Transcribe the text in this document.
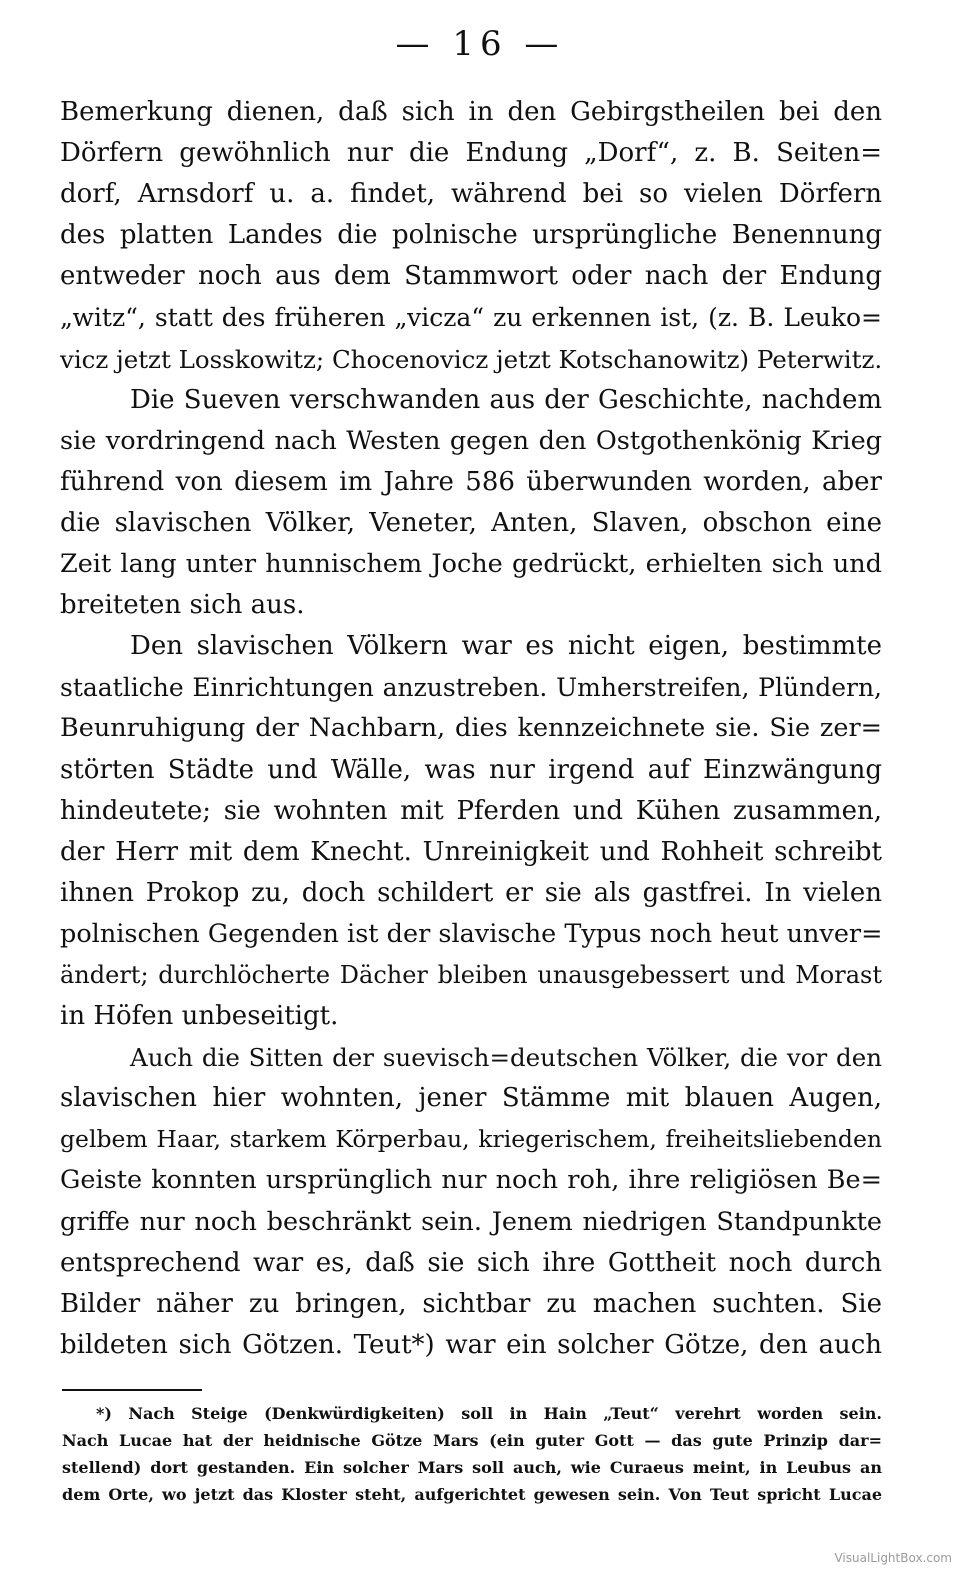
— 16 —
Bemerkung dienen, daß sich in den Gebirgstheilen bei den
Dörfern gewöhnlich nur die Endung „Dorf“, z. B. Seiten=
dorf, Arnsdorf u. a. findet, während bei so vielen Dörfern
des platten Landes die polnische ursprüngliche Benennung
entweder noch aus dem Stammwort oder nach der Endung
„witz“, statt des früheren „vicza“ zu erkennen ist, (z. B. Leuko=
vicz jetzt Losskowitz; Chocenovicz jetzt Kotschanowitz) Peterwitz.
Die Sueven verschwanden aus der Geschichte, nachdem
sie vordringend nach Westen gegen den Ostgothenkönig Krieg
führend von diesem im Jahre 586 überwunden worden, aber
die slavischen Völker, Veneter, Anten, Slaven, obschon eine
Zeit lang unter hunnischem Joche gedrückt, erhielten sich und
breiteten sich aus.
Den slavischen Völkern war es nicht eigen, bestimmte
staatliche Einrichtungen anzustreben. Umherstreifen, Plündern,
Beunruhigung der Nachbarn, dies kennzeichnete sie. Sie zer=
störten Städte und Wälle, was nur irgend auf Einzwängung
hindeutete; sie wohnten mit Pferden und Kühen zusammen,
der Herr mit dem Knecht. Unreinigkeit und Rohheit schreibt
ihnen Prokop zu, doch schildert er sie als gastfrei. In vielen
polnischen Gegenden ist der slavische Typus noch heut unver=
ändert; durchlöcherte Dächer bleiben unausgebessert und Morast
in Höfen unbeseitigt.
Auch die Sitten der suevisch=deutschen Völker, die vor den
slavischen hier wohnten, jener Stämme mit blauen Augen,
gelbem Haar, starkem Körperbau, kriegerischem, freiheitsliebenden
Geiste konnten ursprünglich nur noch roh, ihre religiösen Be=
griffe nur noch beschränkt sein. Jenem niedrigen Standpunkte
entsprechend war es, daß sie sich ihre Gottheit noch durch
Bilder näher zu bringen, sichtbar zu machen suchten. Sie
bildeten sich Götzen. Teut*) war ein solcher Götze, den auch
*) Nach Steige (Denkwürdigkeiten) soll in Hain „Teut“ verehrt worden sein.
Nach Lucae hat der heidnische Götze Mars (ein guter Gott — das gute Prinzip dar=
stellend) dort gestanden. Ein solcher Mars soll auch, wie Curaeus meint, in Leubus an
dem Orte, wo jetzt das Kloster steht, aufgerichtet gewesen sein. Von Teut spricht Lucae
VisualLightBox.com
